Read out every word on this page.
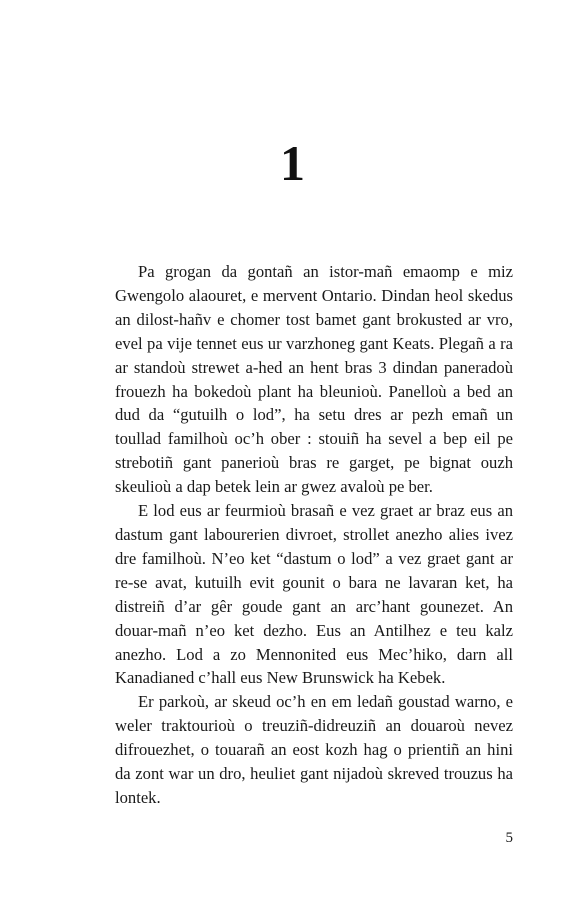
1

Pa grogan da gontañ an istor-mañ emaomp e miz Gwengolo alaouret, e mervent Ontario. Dindan heol skedus an dilost-hañv e chomer tost bamet gant brokusted ar vro, evel pa vije tennet eus ur varzhoneg gant Keats. Plegañ a ra ar standoù strewet a-hed an hent bras 3 dindan paneradoù frouezh ha bokedoù plant ha bleunioù. Panelloù a bed an dud da “gutuilh o lod”, ha setu dres ar pezh emañ un toullad familhoù oc’h ober : stouiñ ha sevel a bep eil pe strebotiñ gant panerioù bras re garget, pe bignat ouzh skeulioù a dap betek lein ar gwez avaloù pe ber.

E lod eus ar feurmioù brasañ e vez graet ar braz eus an dastum gant labourerien divroet, strollet anezho alies ivez dre familhoù. N’eo ket “dastum o lod” a vez graet gant ar re-se avat, kutuilh evit gounit o bara ne lavaran ket, ha distreiñ d’ar gêr goude gant an arc’hant gounezet. An douar-mañ n’eo ket dezho. Eus an Antilhez e teu kalz anezho. Lod a zo Mennonited eus Mec’hiko, darn all Kanadianed c’hall eus New Brunswick ha Kebek.

Er parkoù, ar skeud oc’h en em ledañ goustad warno, e weler traktourioù o treuziñ-didreuziñ an douaroù nevez difrouezhet, o touarañ an eost kozh hag o prientiñ an hini da zont war un dro, heuliet gant nijadoù skreved trouzus ha lontek.

5
